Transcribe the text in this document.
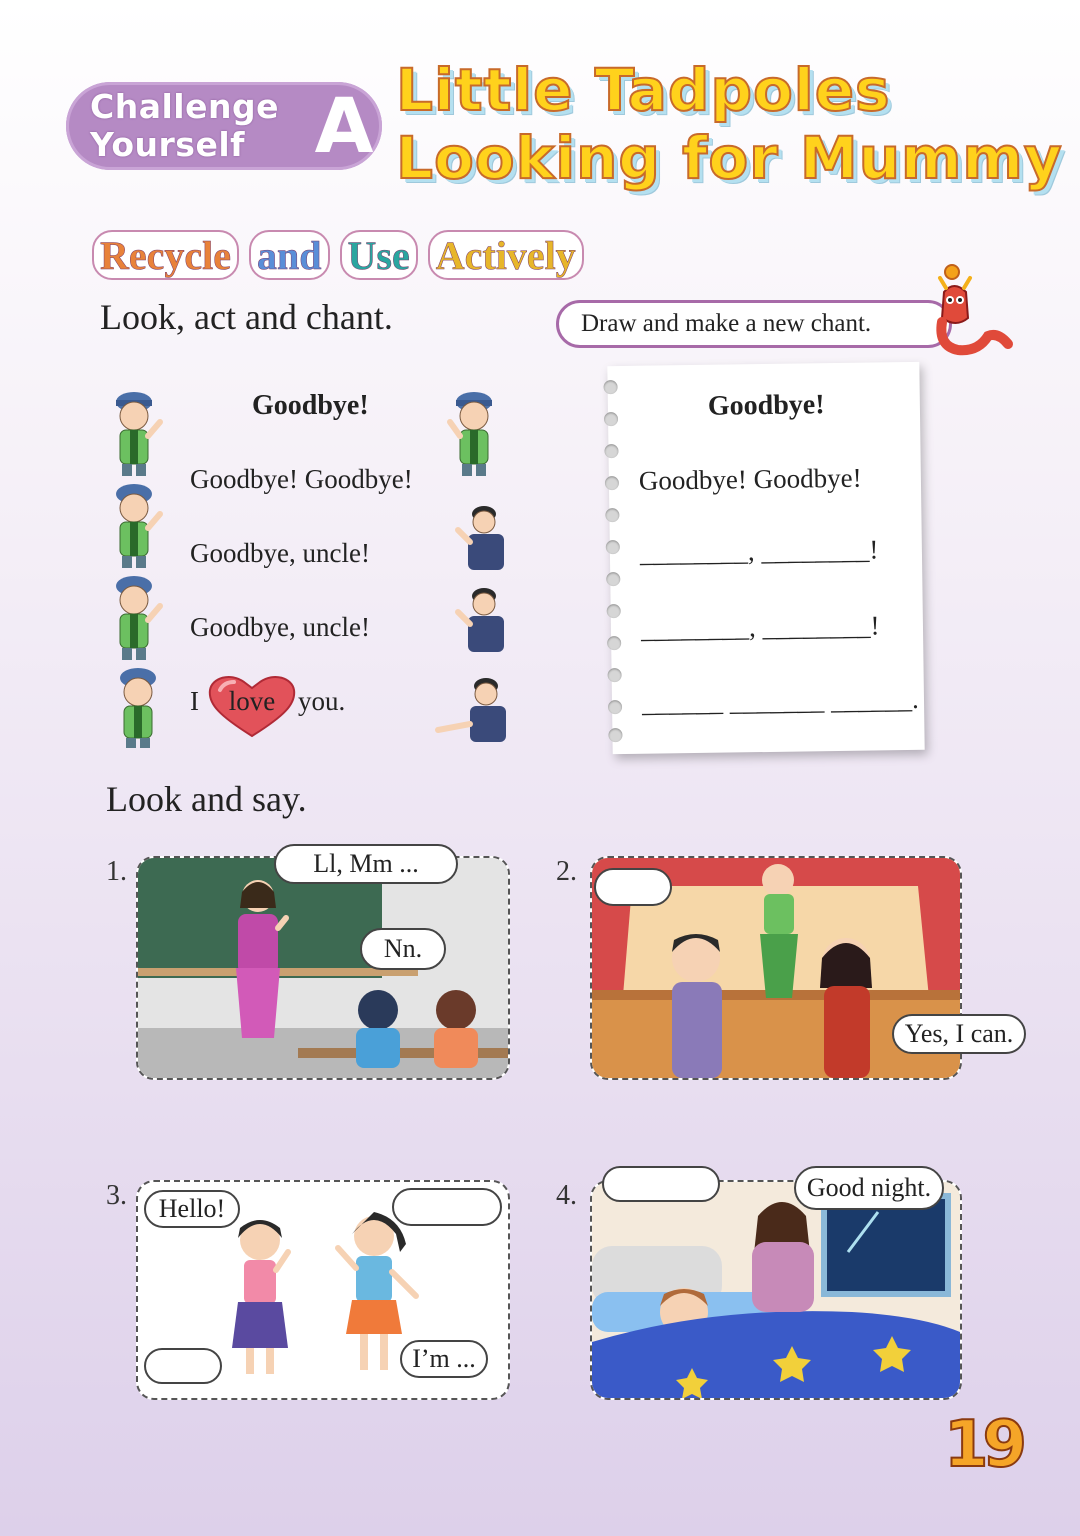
Challenge
Yourself A Little Tadpoles
Looking for Mummy
Recycle and Use Actively
Look, act and chant.	Draw and make a new chant.
Goodbye!
Goodbye! Goodbye!
Goodbye, uncle!
Goodbye, uncle!
I	love you.
Goodbye!
Goodbye! Goodbye!
________, ________!
________, ________!
______ _______ ______.
Look and say.
1.	Ll, Mm ...
Nn.
2.
Yes, I can.
3.	Hello!
I’m ...
4.	Good night.
19
